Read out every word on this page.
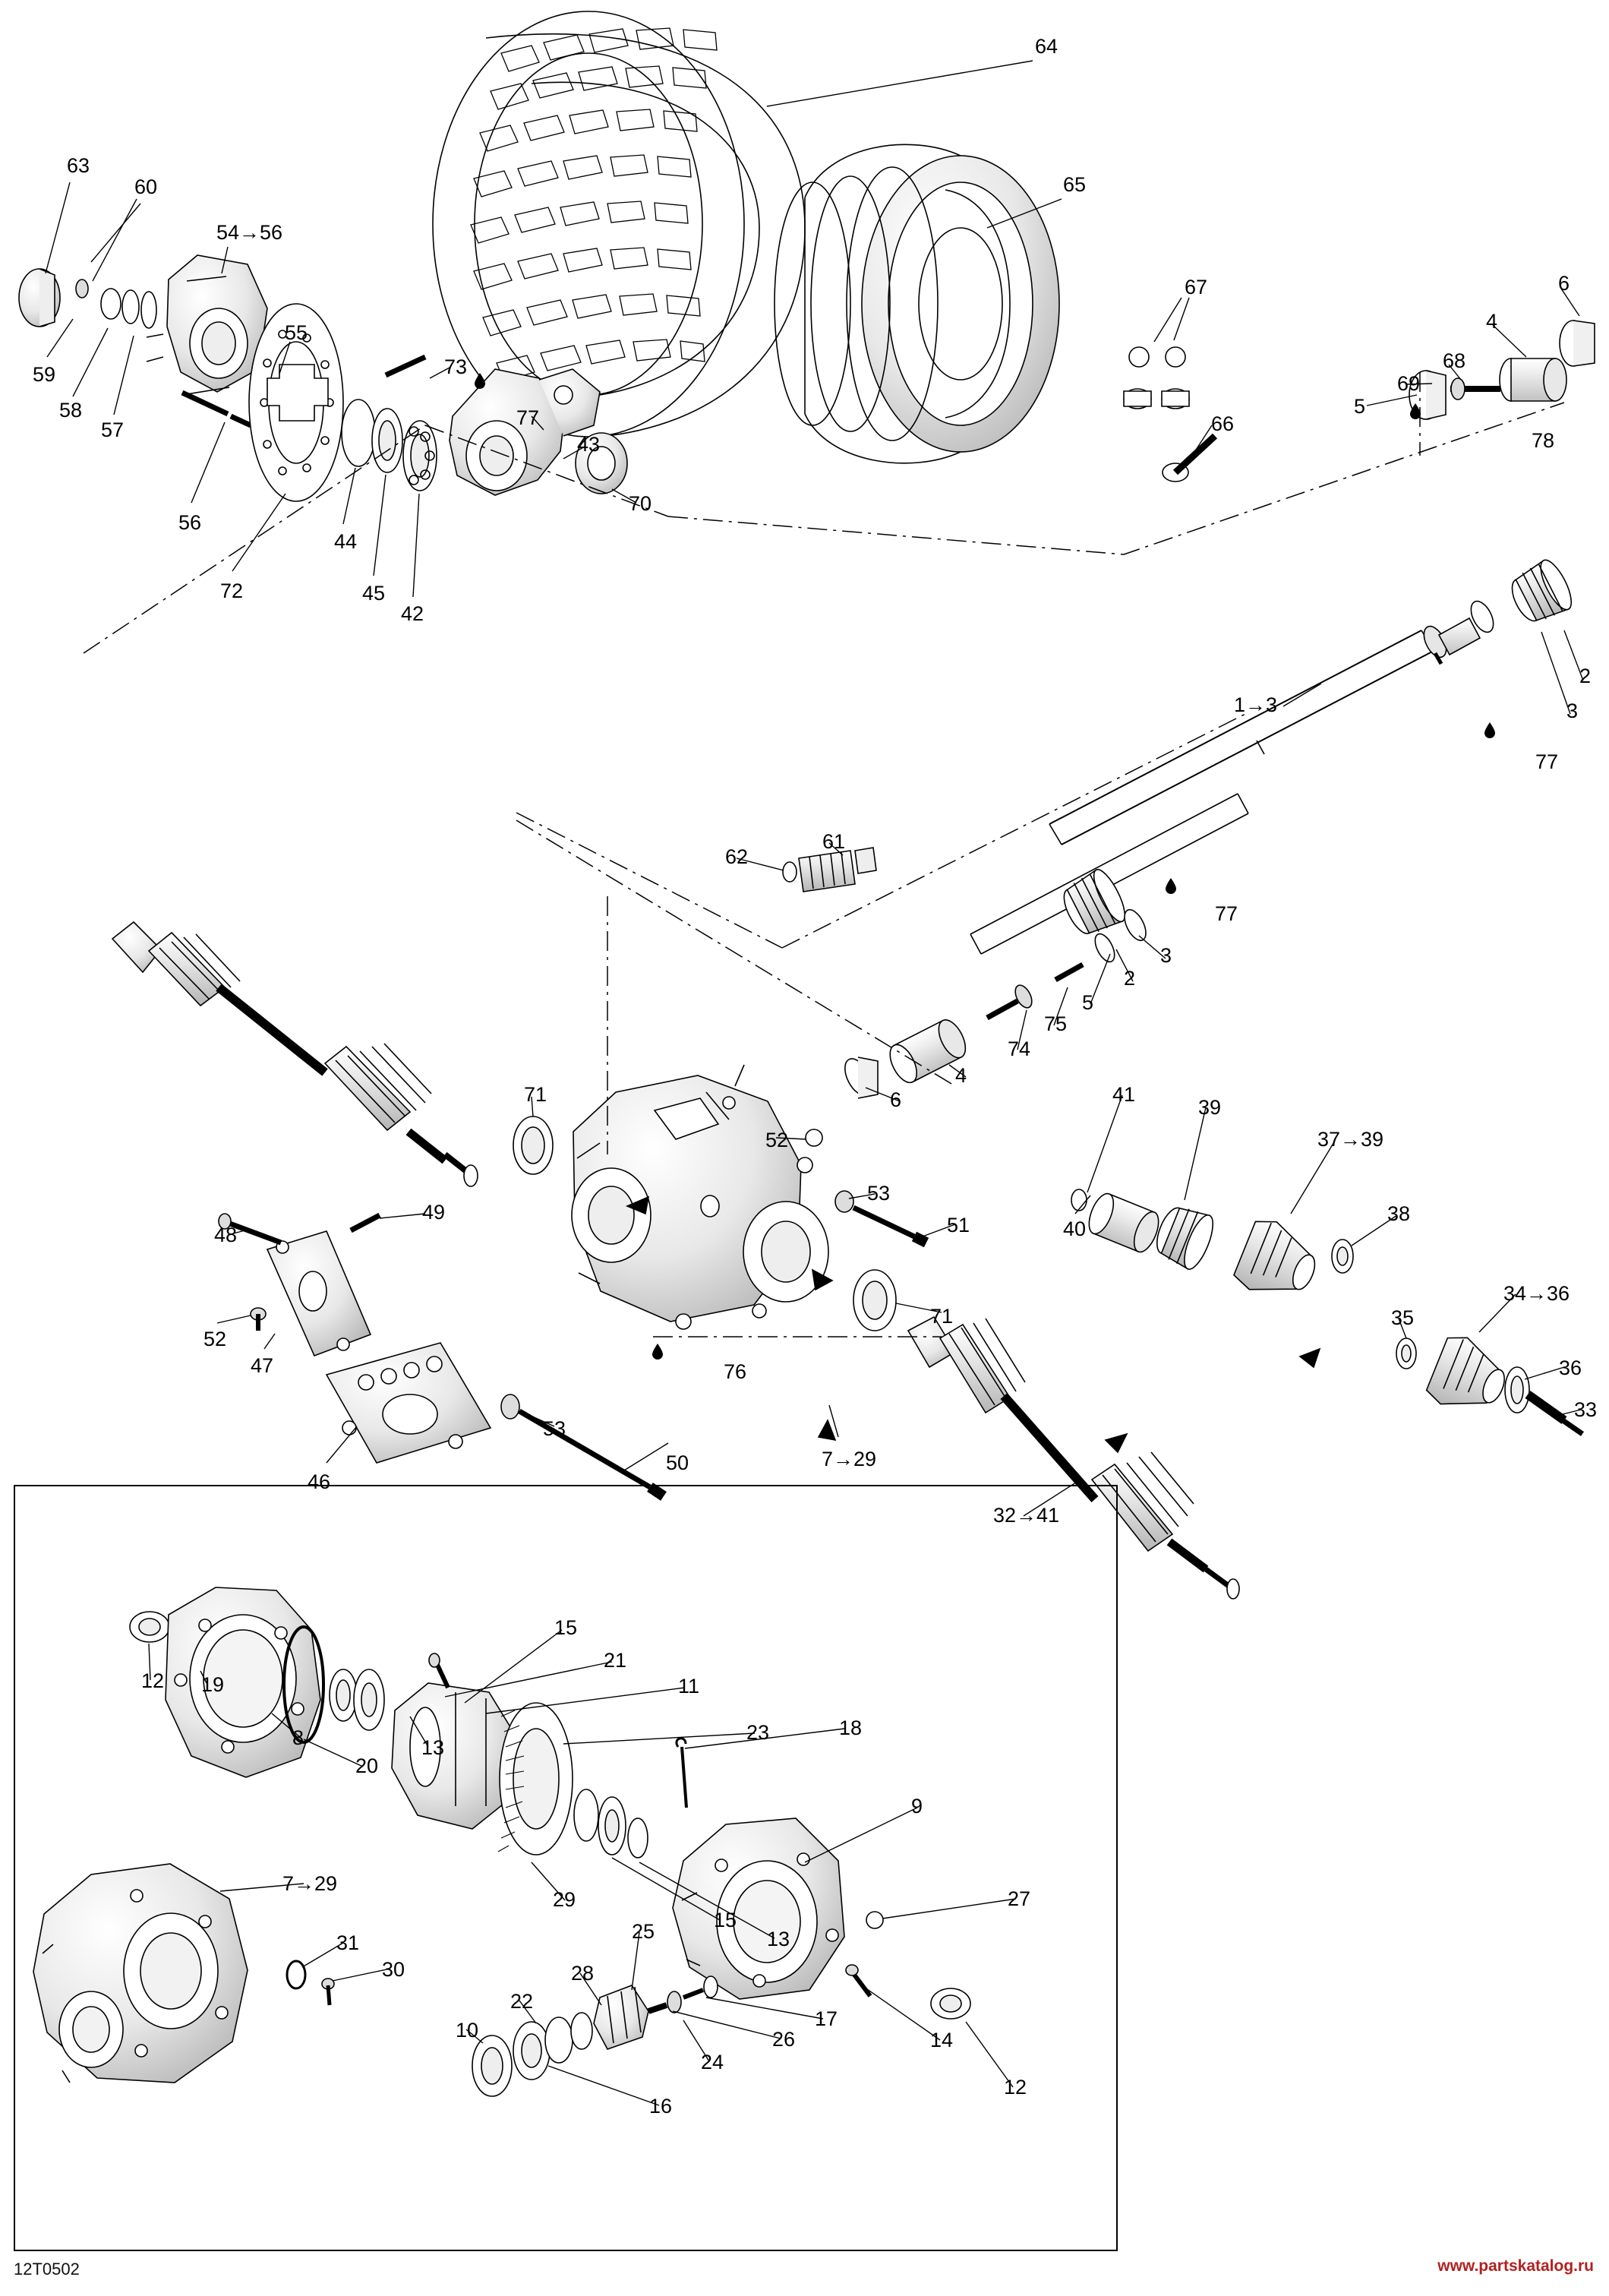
64
65
63
60
54→56
55
59
58
57
56
72
44
45
42
73
77
43
70
67
66
6
4
68
69
5
78
1→3
2
3
77
62
61
77
3
2
5
75
74
4
6
71
52
53
51
48
49
52
47
46
53
50
76
71
7→29
41
39
37→39
40
38
35
34→36
36
33
32→41
12 19
8
20
13
15
21
11
23	18
9
29
15
13
27
7→29
31
30
25
28
22
10
24
16
26
17
14
12
12T0502	www.partskatalog.ru
